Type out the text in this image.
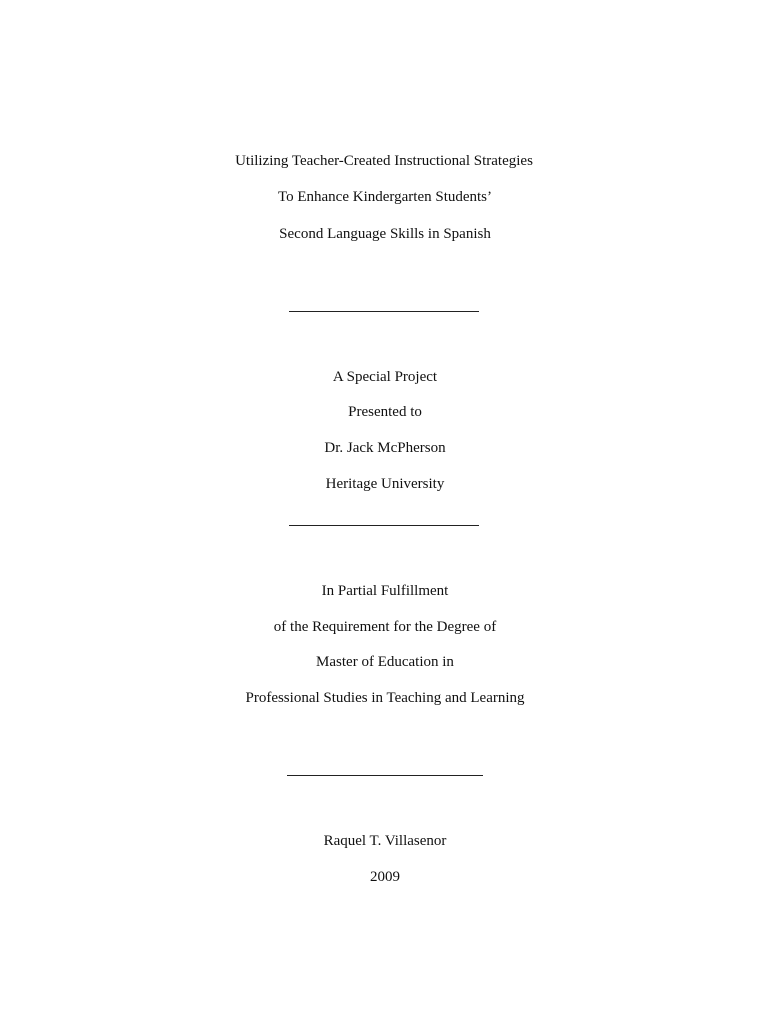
Utilizing Teacher-Created Instructional Strategies
To Enhance Kindergarten Students’
Second Language Skills in Spanish
A Special Project
Presented to
Dr. Jack McPherson
Heritage University
In Partial Fulfillment
of the Requirement for the Degree of
Master of Education in
Professional Studies in Teaching and Learning
Raquel T. Villasenor
2009
